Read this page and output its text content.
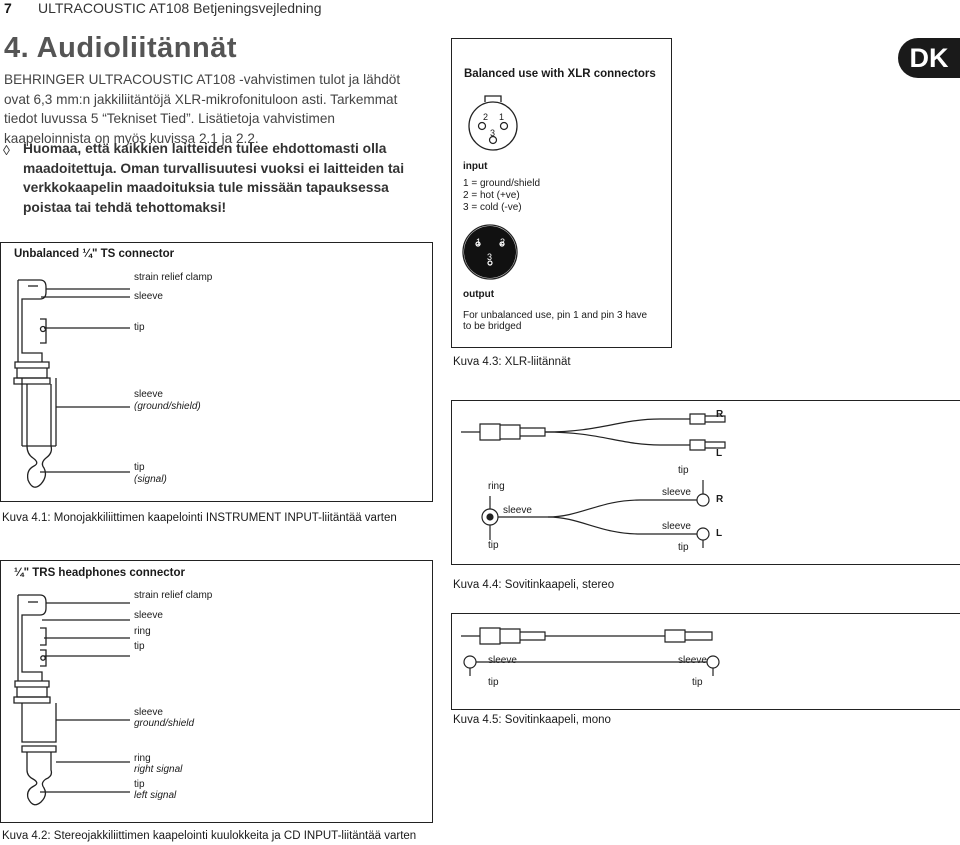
7 ULTRACOUSTIC AT108 Betjeningsvejledning
DK
4. Audioliitännät
BEHRINGER ULTRACOUSTIC AT108 -vahvistimen tulot ja lähdöt ovat 6,3 mm:n jakkiliitäntöjä XLR-mikrofonituloon asti. Tarkemmat tiedot luvussa 5 “Tekniset Tied”. Lisätietoja vahvistimen kaapeloinnista on myös kuvissa 2.1 ja 2.2.
◊ Huomaa, että kaikkien laitteiden tulee ehdottomasti olla maadoitettuja. Oman turvallisuutesi vuoksi ei laitteiden tai verkkokaapelin maadoituksia tule missään tapauksessa poistaa tai tehdä tehottomaksi!
Unbalanced ¼" TS connector
strain relief clamp
sleeve
tip
sleeve
(ground/shield)
tip
(signal)
Kuva 4.1: Monojakkiliittimen kaapelointi INSTRUMENT INPUT-liitäntää varten
¼" TRS headphones connector
strain relief clamp
sleeve
ring
tip
sleeve
ground/shield
ring
right signal
tip
left signal
Kuva 4.2: Stereojakkiliittimen kaapelointi kuulokkeita ja CD INPUT-liitäntää varten
Balanced use with XLR connectors
2 1
3
input
1 = ground/shield
2 = hot (+ve)
3 = cold (-ve)
1 2
3
output
For unbalanced use, pin 1 and pin 3 have to be bridged
Kuva 4.3: XLR-liitännät
R
L
ring
sleeve
tip
tip
sleeve
R
sleeve
tip
L
Kuva 4.4: Sovitinkaapeli, stereo
sleeve
tip
sleeve
tip
Kuva 4.5: Sovitinkaapeli, mono
